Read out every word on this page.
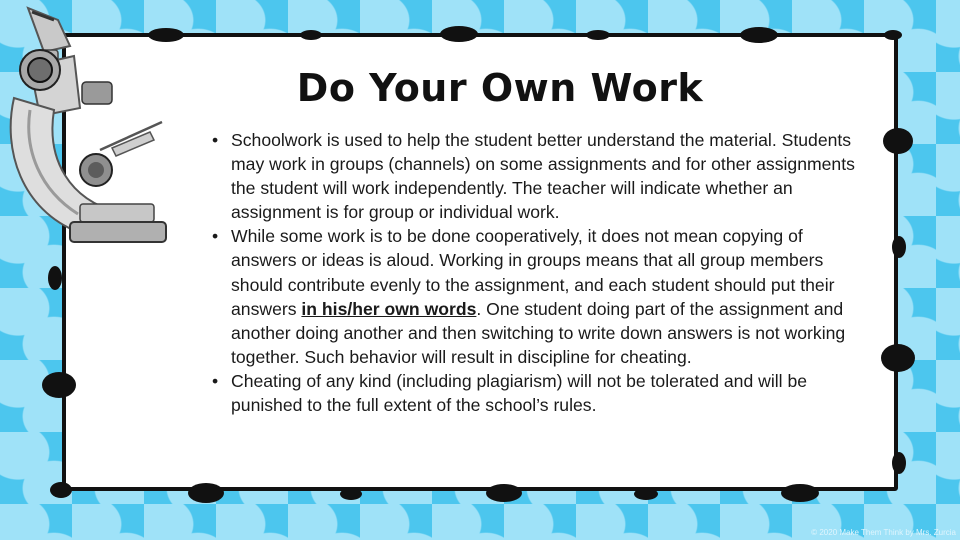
Do Your Own Work
• Schoolwork is used to help the student better understand the material. Students may work in groups (channels) on some assignments and for other assignments the student will work independently. The teacher will indicate whether an assignment is for group or individual work.
• While some work is to be done cooperatively, it does not mean copying of answers or ideas is aloud. Working in groups means that all group members should contribute evenly to the assignment, and each student should put their answers in his/her own words. One student doing part of the assignment and another doing another and then switching to write down answers is not working together. Such behavior will result in discipline for cheating.
• Cheating of any kind (including plagiarism) will not be tolerated and will be punished to the full extent of the school’s rules.
© 2020 Make Them Think by Mrs. Zurcia
